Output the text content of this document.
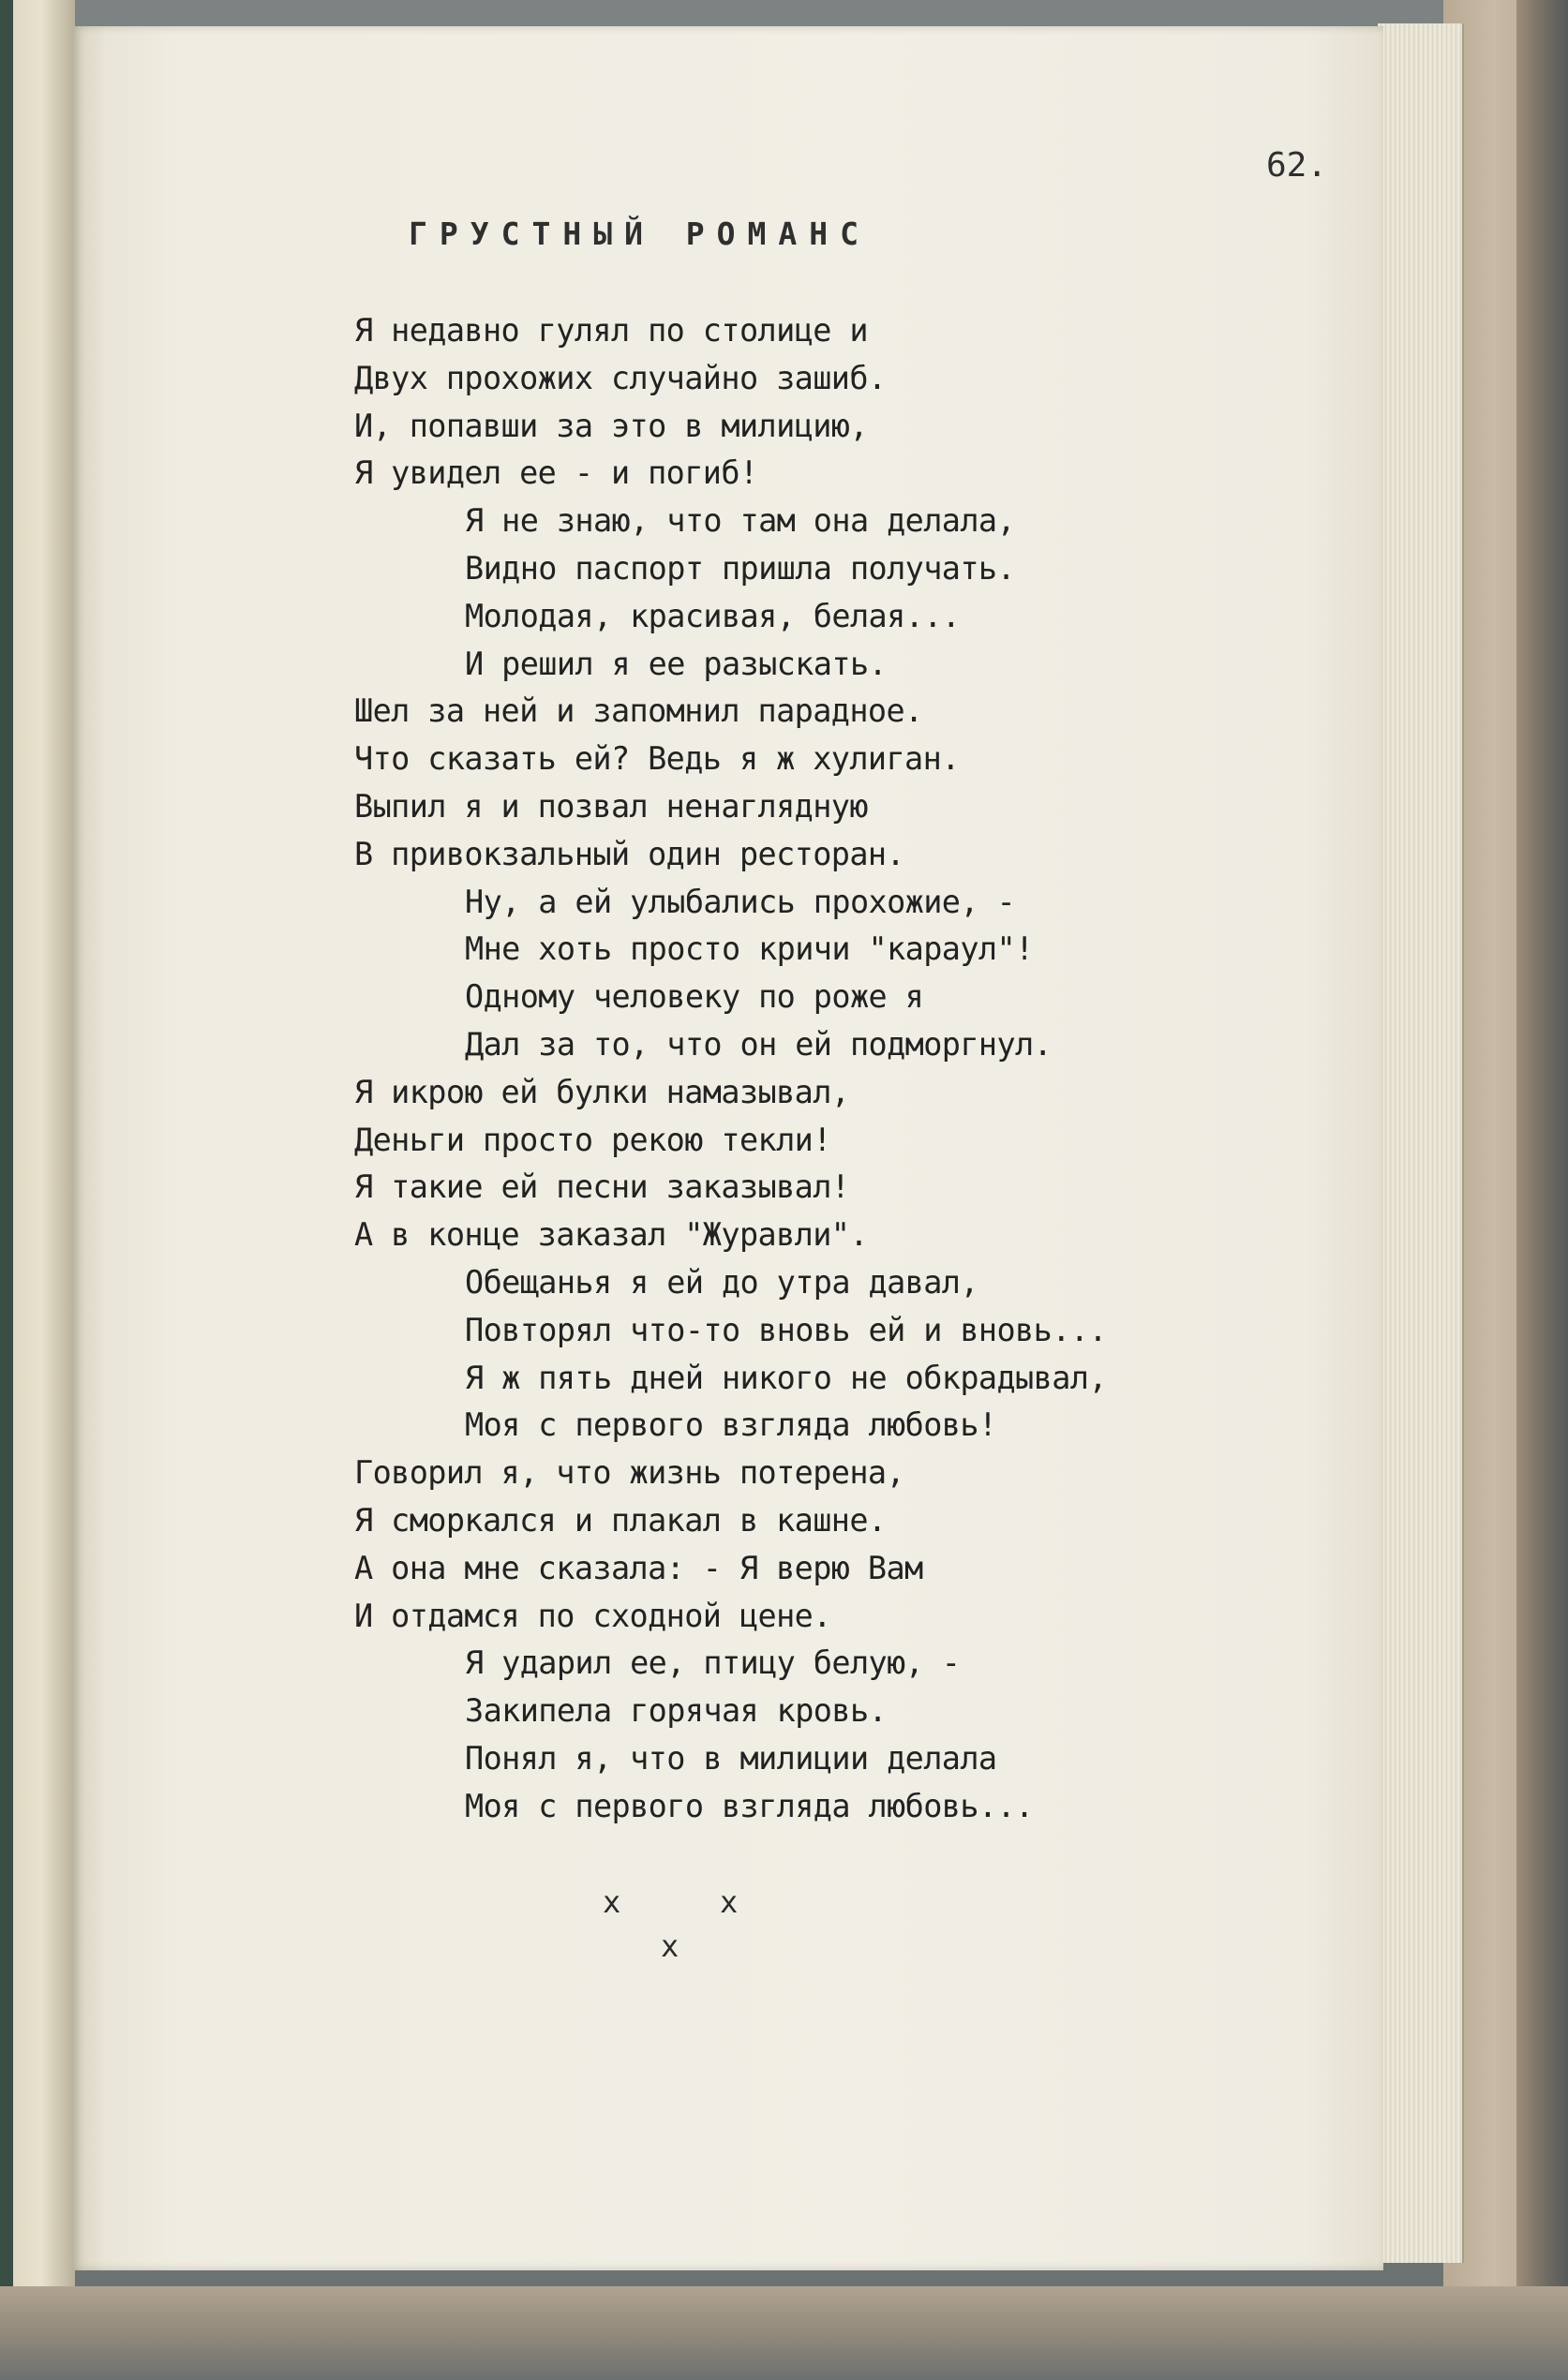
62.
ГРУСТНЫЙ РОМАНС
Я недавно гулял по столице и
Двух прохожих случайно зашиб.
И, попавши за это в милицию,
Я увидел ее - и погиб!
Я не знаю, что там она делала,
Видно паспорт пришла получать.
Молодая, красивая, белая...
И решил я ее разыскать.
Шел за ней и запомнил парадное.
Что сказать ей? Ведь я ж хулиган.
Выпил я и позвал ненаглядную
В привокзальный один ресторан.
Ну, а ей улыбались прохожие, -
Мне хоть просто кричи "караул"!
Одному человеку по роже я
Дал за то, что он ей подморгнул.
Я икрою ей булки намазывал,
Деньги просто рекою текли!
Я такие ей песни заказывал!
А в конце заказал "Журавли".
Обещанья я ей до утра давал,
Повторял что-то вновь ей и вновь...
Я ж пять дней никого не обкрадывал,
Моя с первого взгляда любовь!
Говорил я, что жизнь потерена,
Я сморкался и плакал в кашне.
А она мне сказала: - Я верю Вам
И отдамся по сходной цене.
Я ударил ее, птицу белую, -
Закипела горячая кровь.
Понял я, что в милиции делала
Моя с первого взгляда любовь...
x	x
x
